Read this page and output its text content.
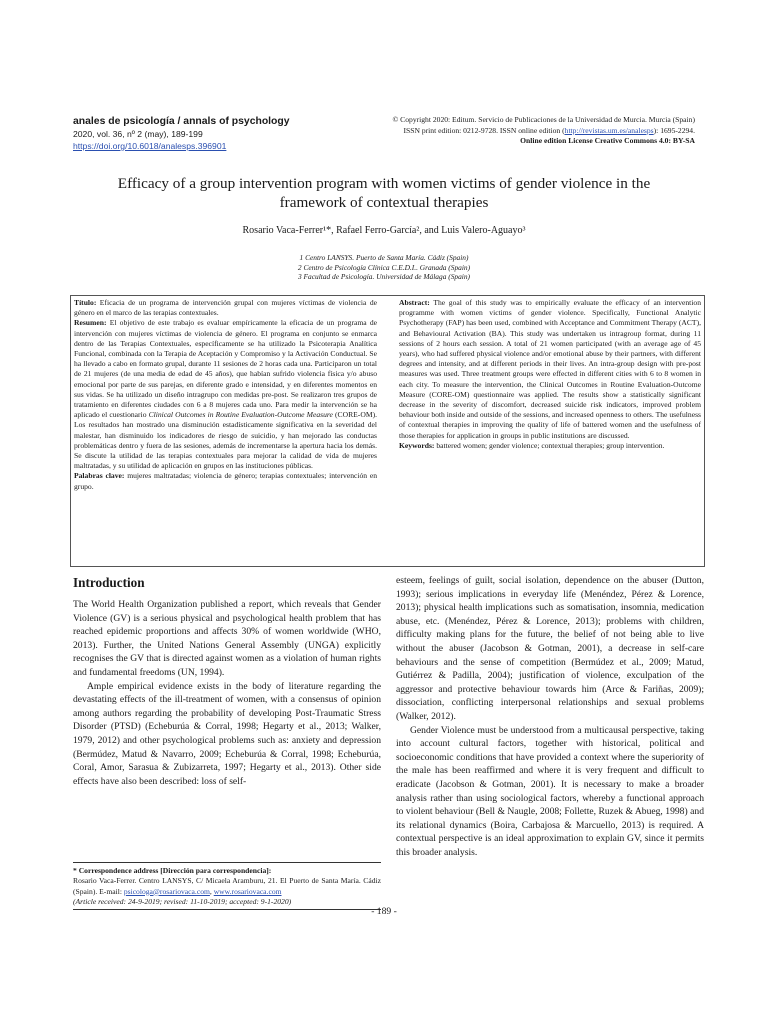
anales de psicología / annals of psychology
2020, vol. 36, nº 2 (may), 189-199
https://doi.org/10.6018/analesps.396901
© Copyright 2020: Editum. Servicio de Publicaciones de la Universidad de Murcia. Murcia (Spain)
ISSN print edition: 0212-9728. ISSN online edition (http://revistas.um.es/analesps): 1695-2294.
Online edition License Creative Commons 4.0: BY-SA
Efficacy of a group intervention program with women victims of gender violence in the
framework of contextual therapies
Rosario Vaca-Ferrer¹*, Rafael Ferro-García², and Luis Valero-Aguayo³
1 Centro LANSYS. Puerto de Santa María. Cádiz (Spain)
2 Centro de Psicología Clínica C.E.D.I.. Granada (Spain)
3 Facultad de Psicología. Universidad de Málaga (Spain)

Título: Eficacia de un programa de intervención grupal con mujeres víctimas de violencia de género en el marco de las terapias contextuales.

Resumen: El objetivo de este trabajo es evaluar empíricamente la eficacia de un programa de intervención con mujeres víctimas de violencia de género. El programa en conjunto se enmarca dentro de las Terapias Contextuales, específicamente se ha utilizado la Psicoterapia Analítica Funcional, combinada con la Terapia de Aceptación y Compromiso y la Activación Conductual. Se ha llevado a cabo en formato grupal, durante 11 sesiones de 2 horas cada una. Participaron un total de 21 mujeres (de una media de edad de 45 años), que habían sufrido violencia física y/o abuso emocional por parte de sus parejas, en diferente grado e intensidad, y en diferentes momentos en sus vidas. Se ha utilizado un diseño intragrupo con medidas pre-post. Se realizaron tres grupos de tratamiento en diferentes ciudades con 6 a 8 mujeres cada uno. Para medir la intervención se ha aplicado el cuestionario Clinical Outcomes in Routine Evaluation-Outcome Measure (CORE-OM). Los resultados han mostrado una disminución estadísticamente significativa en la severidad del malestar, han disminuido los indicadores de riesgo de suicidio, y han mejorado las conductas problemáticas dentro y fuera de las sesiones, además de incrementarse la apertura hacia los demás. Se discute la utilidad de las terapias contextuales para mejorar la calidad de vida de mujeres maltratadas, y su utilidad de aplicación en grupos en las instituciones públicas.

Palabras clave: mujeres maltratadas; violencia de género; terapias contextuales; intervención en grupo.

Abstract: The goal of this study was to empirically evaluate the efficacy of an intervention programme with women victims of gender violence. Specifically, Functional Analytic Psychotherapy (FAP) has been used, combined with Acceptance and Commitment Therapy (ACT), and Behavioural Activation (BA). This study was undertaken us intragroup format, during 11 sessions of 2 hours each session. A total of 21 women participated (with an average age of 45 years), who had suffered physical violence and/or emotional abuse by their partners, with different degrees and intensity, and at different periods in their lives. An intra-group design with pre-post measures was used. Three treatment groups were effected in different cities with 6 to 8 women in each city. To measure the intervention, the Clinical Outcomes in Routine Evaluation-Outcome Measure (CORE-OM) questionnaire was applied. The results show a statistically significant decrease in the severity of discomfort, decreased suicide risk indicators, improved problem behaviour both inside and outside of the sessions, and increased openness to others. The usefulness of contextual therapies in improving the quality of life of battered women and the usefulness of those therapies for application in groups in public institutions are discussed.

Keywords: battered women; gender violence; contextual therapies; group intervention.

Introduction

The World Health Organization published a report, which reveals that Gender Violence (GV) is a serious physical and psychological health problem that has reached epidemic proportions and affects 30% of women worldwide (WHO, 2013). Further, the United Nations General Assembly (UNGA) explicitly recognises the GV that is directed against women as a violation of human rights and fundamental freedoms (UN, 1994).

Ample empirical evidence exists in the body of literature regarding the devastating effects of the ill-treatment of women, with a consensus of opinion among authors regarding the probability of developing Post-Traumatic Stress Disorder (PTSD) (Echeburúa & Corral, 1998; Hegarty et al., 2013; Walker, 1979, 2012) and other psychological problems such as: anxiety and depression (Bermúdez, Matud & Navarro, 2009; Echeburúa & Corral, 1998; Echeburúa, Coral, Amor, Sarasua & Zubizarreta, 1997; Hegarty et al., 2013). Other side effects have also been described: loss of self-

esteem, feelings of guilt, social isolation, dependence on the abuser (Dutton, 1993); serious implications in everyday life (Menéndez, Pérez & Lorence, 2013); physical health implications such as somatisation, insomnia, medication abuse, etc. (Menéndez, Pérez & Lorence, 2013); problems with children, difficulty making plans for the future, the belief of not being able to live without the abuser (Jacobson & Gotman, 2001), a decrease in self-care behaviours and the sense of competition (Bermúdez et al., 2009; Matud, Gutiérrez & Padilla, 2004); justification of violence, exculpation of the aggressor and protective behaviour towards him (Arce & Fariñas, 2009); dissociation, conflicting interpersonal relationships and sexual problems (Walker, 2012).

Gender Violence must be understood from a multicausal perspective, taking into account cultural factors, together with historical, political and socioeconomic conditions that have provided a context where the superiority of the male has been reaffirmed and where it is very frequent and difficult to eradicate (Jacobson & Gotman, 2001). It is necessary to make a broader analysis rather than using sociological factors, whereby a functional approach to violent behaviour (Bell & Naugle, 2008; Follette, Ruzek & Abueg, 1998) and its relational dynamics (Boira, Carbajosa & Marcuello, 2013) is required. A contextual perspective is an ideal approximation to explain GV, since it permits this broader analysis.

* Correspondence address [Dirección para correspondencia]:
Rosario Vaca-Ferrer. Centro LANSYS, C/ Micaela Aramburu, 21. El Puerto de Santa María. Cádiz (Spain). E-mail: psicologa@rosariovaca.com, www.rosariovaca.com
(Article received: 24-9-2019; revised: 11-10-2019; accepted: 9-1-2020)
- 189 -
